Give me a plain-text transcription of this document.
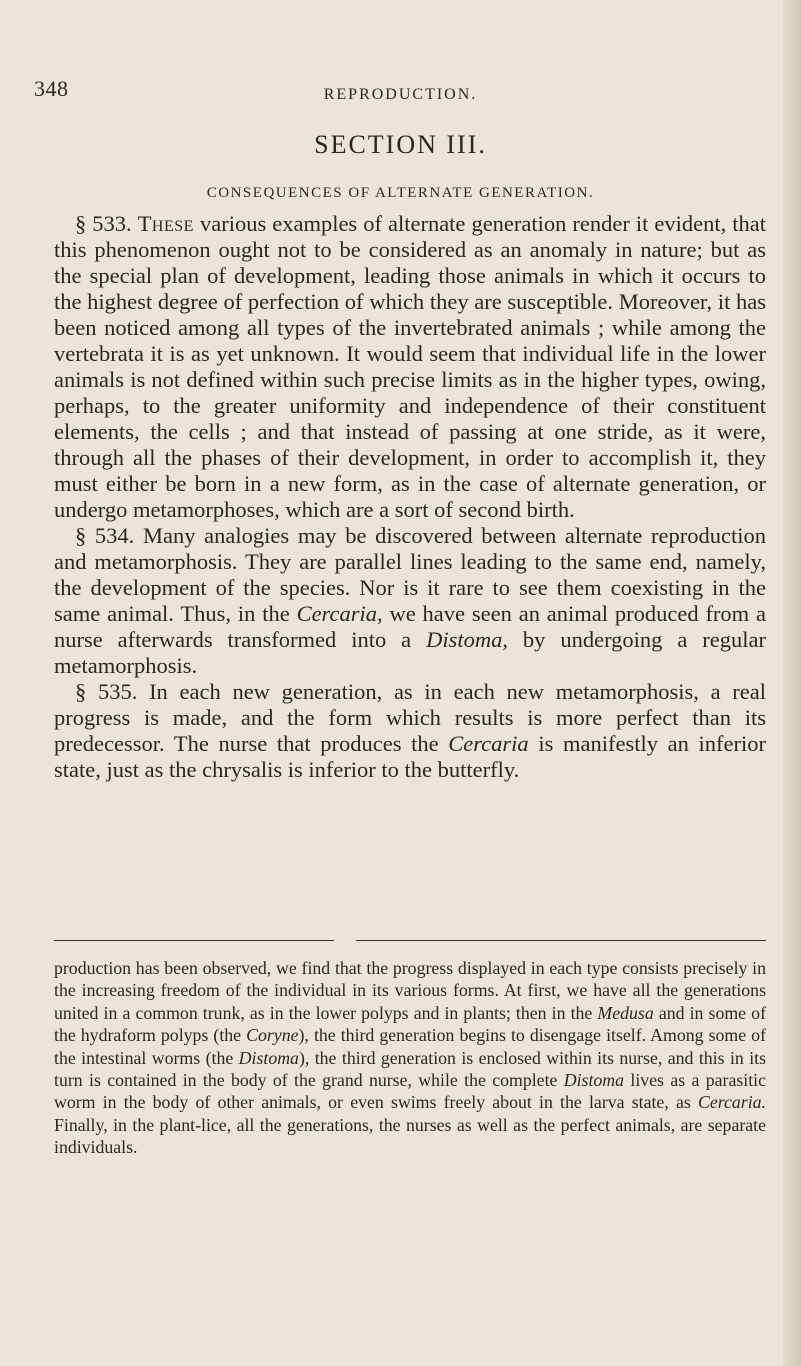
348	REPRODUCTION.
SECTION III.
CONSEQUENCES OF ALTERNATE GENERATION.

§ 533. These various examples of alternate generation render it evident, that this phenomenon ought not to be considered as an anomaly in nature; but as the special plan of development, leading those animals in which it occurs to the highest degree of perfection of which they are susceptible. Moreover, it has been noticed among all types of the invertebrated animals ; while among the vertebrata it is as yet unknown. It would seem that individual life in the lower animals is not defined within such precise limits as in the higher types, owing, perhaps, to the greater uniformity and independence of their constituent elements, the cells ; and that instead of passing at one stride, as it were, through all the phases of their development, in order to accomplish it, they must either be born in a new form, as in the case of alternate generation, or undergo metamorphoses, which are a sort of second birth.

§ 534. Many analogies may be discovered between alternate reproduction and metamorphosis. They are parallel lines leading to the same end, namely, the development of the species. Nor is it rare to see them coexisting in the same animal. Thus, in the Cercaria, we have seen an animal produced from a nurse afterwards transformed into a Distoma, by undergoing a regular metamorphosis.

§ 535. In each new generation, as in each new metamorphosis, a real progress is made, and the form which results is more perfect than its predecessor. The nurse that produces the Cercaria is manifestly an inferior state, just as the chrysalis is inferior to the butterfly.

production has been observed, we find that the progress displayed in each type consists precisely in the increasing freedom of the individual in its various forms. At first, we have all the generations united in a common trunk, as in the lower polyps and in plants; then in the Medusa and in some of the hydraform polyps (the Coryne), the third generation begins to disengage itself. Among some of the intestinal worms (the Distoma), the third generation is enclosed within its nurse, and this in its turn is contained in the body of the grand nurse, while the complete Distoma lives as a parasitic worm in the body of other animals, or even swims freely about in the larva state, as Cercaria. Finally, in the plant-lice, all the generations, the nurses as well as the perfect animals, are separate individuals.
